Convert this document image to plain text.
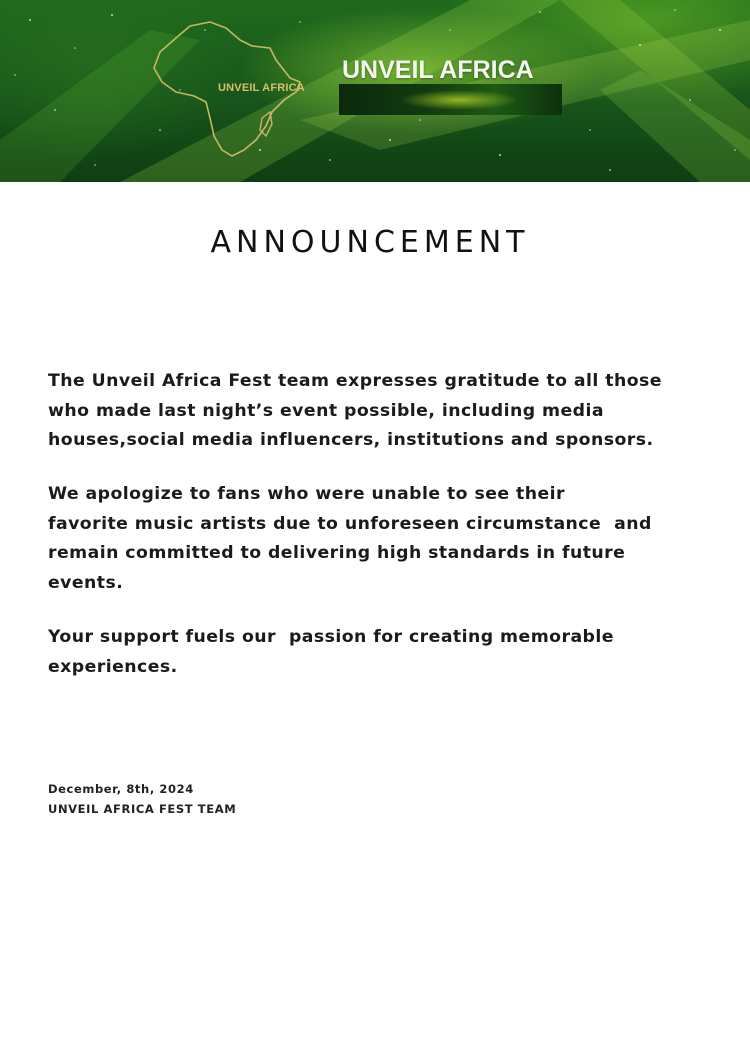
UNVEIL AFRICA
UNVEIL AFRICA
ANNOUNCEMENT

The Unveil Africa Fest team expresses gratitude to all those
who made last night’s event possible, including media
houses,social media influencers, institutions and sponsors.

We apologize to fans who were unable to see their
favorite music artists due to unforeseen circumstance  and
remain committed to delivering high standards in future
events.

Your support fuels our  passion for creating memorable
experiences.

December, 8th, 2024
UNVEIL AFRICA FEST TEAM
